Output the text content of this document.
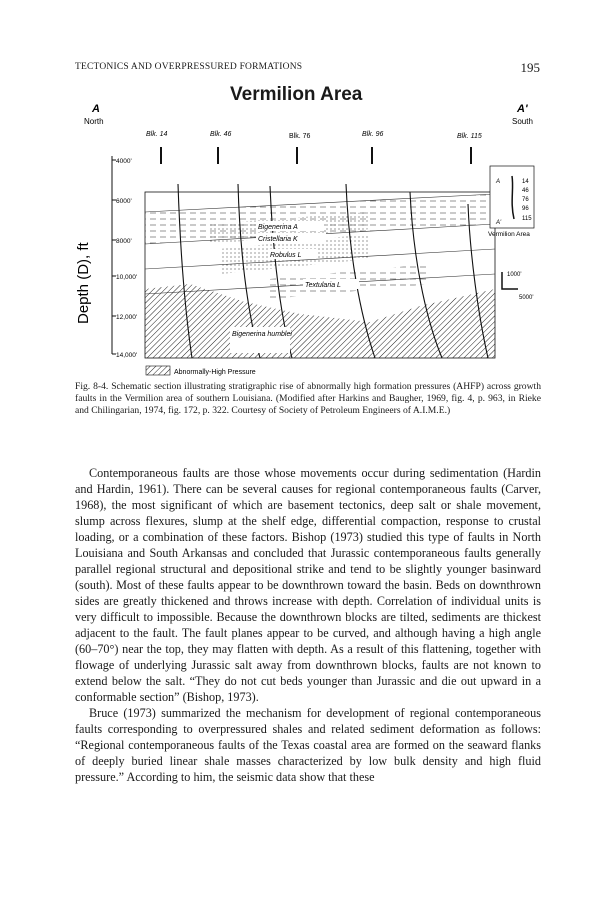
TECTONICS AND OVERPRESSURED FORMATIONS	195
Vermilion Area
A
North
A'
South
Blk. 14	Blk. 46	Blk. 76	Blk. 96	Blk. 115
Depth (D), ft
4000'
6000'
8000'
10,000'
12,000'
14,000'
Bigenerina A
Cristellaria K
Robulus L
Textularia L
Bigenerina humblei
Abnormally-High Pressure
A	14
46
76
96
115
A'
Vermilion Area
1000'
5000'
Fig. 8-4. Schematic section illustrating stratigraphic rise of abnormally high formation pressures (AHFP) across growth faults in the Vermilion area of southern Louisiana. (Modified after Harkins and Baugher, 1969, fig. 4, p. 963, in Rieke and Chilingarian, 1974, fig. 172, p. 322. Courtesy of Society of Petroleum Engineers of A.I.M.E.)

Contemporaneous faults are those whose movements occur during sedimentation (Hardin and Hardin, 1961). There can be several causes for regional contemporaneous faults (Carver, 1968), the most significant of which are basement tectonics, deep salt or shale movement, slump across flexures, slump at the shelf edge, differential compaction, response to crustal loading, or a combination of these factors. Bishop (1973) studied this type of faults in North Louisiana and South Arkansas and concluded that Jurassic contemporaneous faults generally parallel regional structural and depositional strike and tend to be slightly younger basinward (south). Most of these faults appear to be downthrown toward the basin. Beds on downthrown sides are greatly thickened and throws increase with depth. Correlation of individual units is very difficult to impossible. Because the downthrown blocks are tilted, sediments are thickest adjacent to the fault. The fault planes appear to be curved, and although having a high angle (60–70°) near the top, they may flatten with depth. As a result of this flattening, together with flowage of underlying Jurassic salt away from downthrown blocks, faults are not known to extend below the salt. “They do not cut beds younger than Jurassic and die out upward in a conformable section” (Bishop, 1973).

Bruce (1973) summarized the mechanism for development of regional contemporaneous faults corresponding to overpressured shales and related sediment deformation as follows: “Regional contemporaneous faults of the Texas coastal area are formed on the seaward flanks of deeply buried linear shale masses characterized by low bulk density and high fluid pressure.” According to him, the seismic data show that these
